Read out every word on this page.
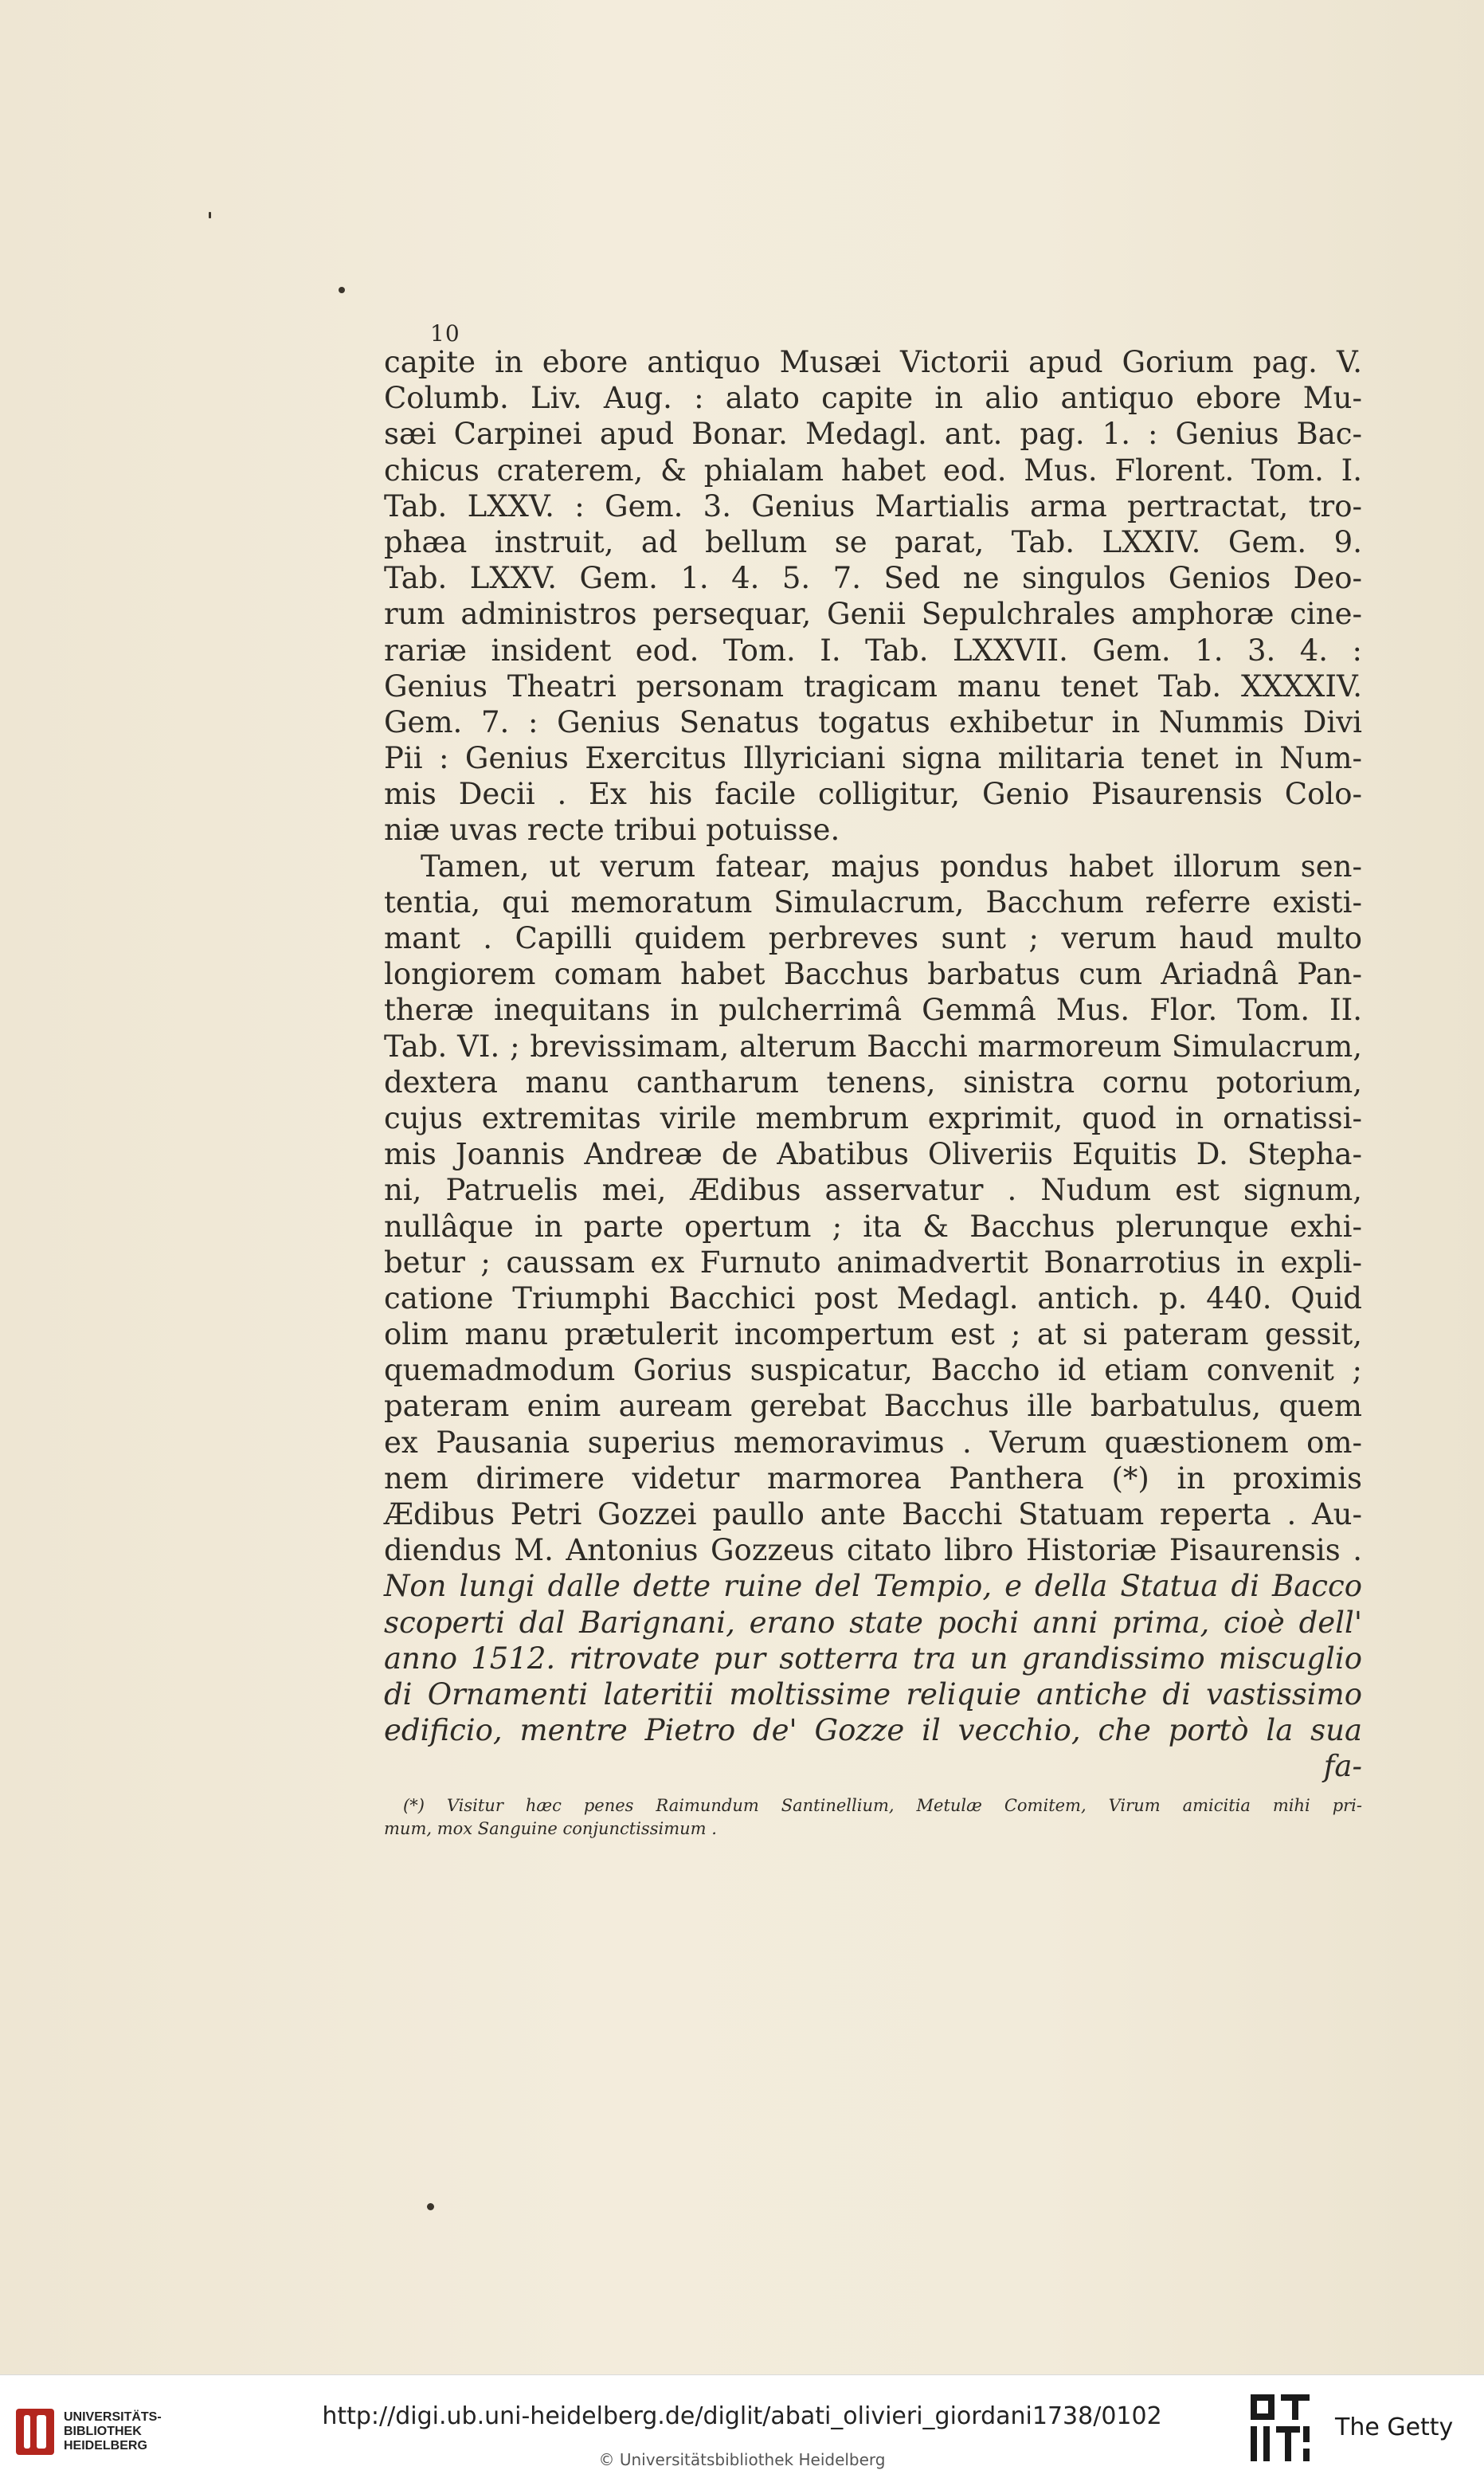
10
capite in ebore antiquo Musæi Victorii apud Gorium pag. V.
Columb. Liv. Aug. : alato capite in alio antiquo ebore Mu-
sæi Carpinei apud Bonar. Medagl. ant. pag. 1. : Genius Bac-
chicus craterem, & phialam habet eod. Mus. Florent. Tom. I.
Tab. LXXV. : Gem. 3. Genius Martialis arma pertractat, tro-
phæa instruit, ad bellum se parat, Tab. LXXIV. Gem. 9.
Tab. LXXV. Gem. 1. 4. 5. 7. Sed ne singulos Genios Deo-
rum administros persequar, Genii Sepulchrales amphoræ cine-
rariæ insident eod. Tom. I. Tab. LXXVII. Gem. 1. 3. 4. :
Genius Theatri personam tragicam manu tenet Tab. XXXXIV.
Gem. 7. : Genius Senatus togatus exhibetur in Nummis Divi
Pii : Genius Exercitus Illyriciani signa militaria tenet in Num-
mis Decii . Ex his facile colligitur, Genio Pisaurensis Colo-
niæ uvas recte tribui potuisse.
Tamen, ut verum fatear, majus pondus habet illorum sen-
tentia, qui memoratum Simulacrum, Bacchum referre existi-
mant . Capilli quidem perbreves sunt ; verum haud multo
longiorem comam habet Bacchus barbatus cum Ariadnâ Pan-
theræ inequitans in pulcherrimâ Gemmâ Mus. Flor. Tom. II.
Tab. VI. ; brevissimam, alterum Bacchi marmoreum Simulacrum,
dextera manu cantharum tenens, sinistra cornu potorium,
cujus extremitas virile membrum exprimit, quod in ornatissi-
mis Joannis Andreæ de Abatibus Oliveriis Equitis D. Stepha-
ni, Patruelis mei, Ædibus asservatur . Nudum est signum,
nullâque in parte opertum ; ita & Bacchus plerunque exhi-
betur ; caussam ex Furnuto animadvertit Bonarrotius in expli-
catione Triumphi Bacchici post Medagl. antich. p. 440. Quid
olim manu prætulerit incompertum est ; at si pateram gessit,
quemadmodum Gorius suspicatur, Baccho id etiam convenit ;
pateram enim auream gerebat Bacchus ille barbatulus, quem
ex Pausania superius memoravimus . Verum quæstionem om-
nem dirimere videtur marmorea Panthera (*) in proximis
Ædibus Petri Gozzei paullo ante Bacchi Statuam reperta . Au-
diendus M. Antonius Gozzeus citato libro Historiæ Pisaurensis .
Non lungi dalle dette ruine del Tempio, e della Statua di Bacco
scoperti dal Barignani, erano state pochi anni prima, cioè dell'
anno 1512. ritrovate pur sotterra tra un grandissimo miscuglio
di Ornamenti lateritii moltissime reliquie antiche di vastissimo
edificio, mentre Pietro de' Gozze il vecchio, che portò la sua
fa-
(*) Visitur hæc penes Raimundum Santinellium, Metulæ Comitem, Virum amicitia mihi pri-
mum, mox Sanguine conjunctissimum .
UNIVERSITÄTS-
BIBLIOTHEK
HEIDELBERG
http://digi.ub.uni-heidelberg.de/diglit/abati_olivieri_giordani1738/0102
© Universitätsbibliothek Heidelberg
The Getty
